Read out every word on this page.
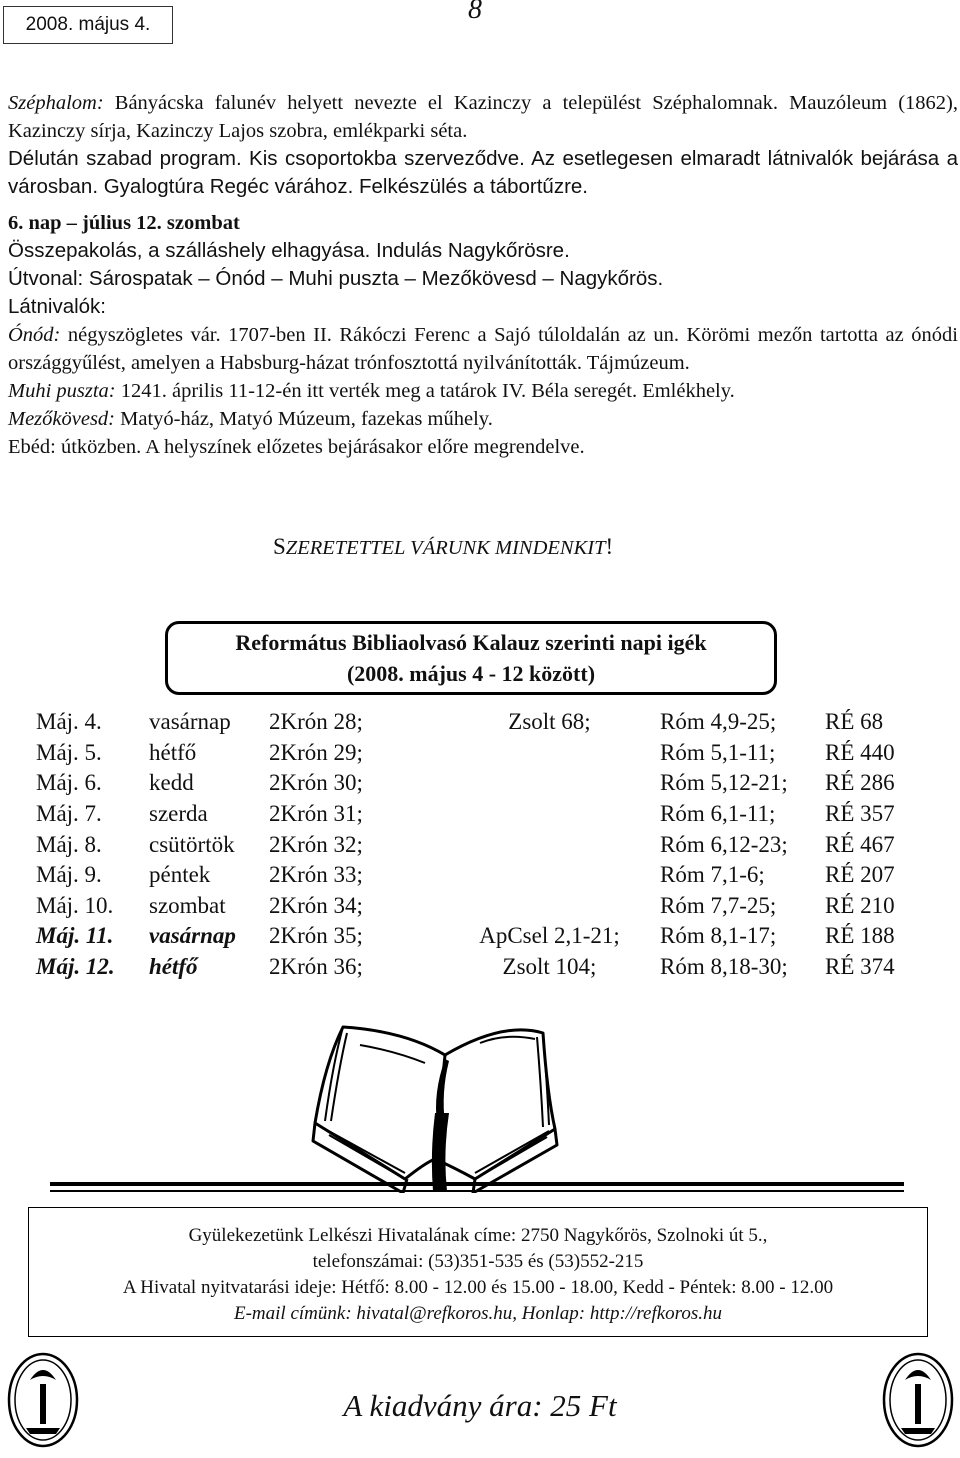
2008. május 4.	8

Széphalom: Bányácska falunév helyett nevezte el Kazinczy a települést Széphalomnak. Mauzóleum (1862), Kazinczy sírja, Kazinczy Lajos szobra, emlékparki séta.

Délután szabad program. Kis csoportokba szerveződve. Az esetlegesen elmaradt látnivalók bejárása a városban. Gyalogtúra Regéc várához. Felkészülés a tábortűzre.

6. nap – július 12. szombat

Összepakolás, a szálláshely elhagyása. Indulás Nagykőrösre.

Útvonal: Sárospatak – Ónód – Muhi puszta – Mezőkövesd – Nagykőrös.

Látnivalók:

Ónód: négyszögletes vár. 1707-ben II. Rákóczi Ferenc a Sajó túloldalán az un. Körömi mezőn tartotta az ónódi országgyűlést, amelyen a Habsburg-házat trónfosztottá nyilvánították. Tájmúzeum.

Muhi puszta: 1241. április 11-12-én itt verték meg a tatárok IV. Béla seregét. Emlékhely.

Mezőkövesd: Matyó-ház, Matyó Múzeum, fazekas műhely.

Ebéd: útközben. A helyszínek előzetes bejárásakor előre megrendelve.

SZERETETTEL VÁRUNK MINDENKIT!
Református Bibliaolvasó Kalauz szerinti napi igék
(2008. május 4 - 12 között)
Máj. 4.	vasárnap	2Krón 28;	Zsolt 68;	Róm 4,9-25;	RÉ 68
Máj. 5.	hétfő	2Krón 29;		Róm 5,1-11;	RÉ 440
Máj. 6.	kedd	2Krón 30;		Róm 5,12-21;	RÉ 286
Máj. 7.	szerda	2Krón 31;		Róm 6,1-11;	RÉ 357
Máj. 8.	csütörtök	2Krón 32;		Róm 6,12-23;	RÉ 467
Máj. 9.	péntek	2Krón 33;		Róm 7,1-6;	RÉ 207
Máj. 10.	szombat	2Krón 34;		Róm 7,7-25;	RÉ 210
Máj. 11.	vasárnap	2Krón 35;	ApCsel 2,1-21;	Róm 8,1-17;	RÉ 188
Máj. 12.	hétfő	2Krón 36;	Zsolt 104;	Róm 8,18-30;	RÉ 374
Gyülekezetünk Lelkészi Hivatalának címe: 2750 Nagykőrös, Szolnoki út 5.,
telefonszámai: (53)351-535 és (53)552-215
A Hivatal nyitvatarási ideje: Hétfő: 8.00 - 12.00 és 15.00 - 18.00, Kedd - Péntek: 8.00 - 12.00
E-mail címünk: hivatal@refkoros.hu, Honlap: http://refkoros.hu
A kiadvány ára: 25 Ft
